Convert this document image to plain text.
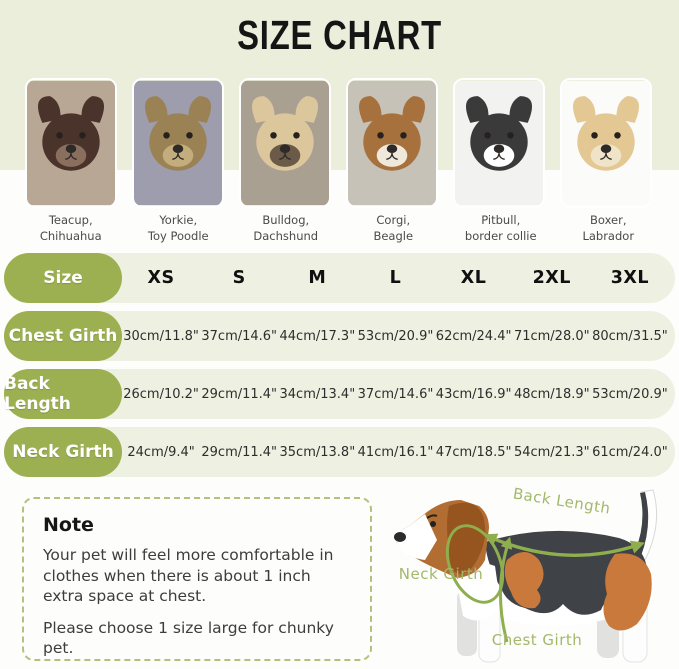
SIZE CHART
Teacup,
Chihuahua
Yorkie,
Toy Poodle
Bulldog,
Dachshund
Corgi,
Beagle
Pitbull,
border collie
Boxer,
Labrador
Size	XS	S	M	L	XL	2XL	3XL
Chest Girth 30cm/11.8" 37cm/14.6" 44cm/17.3" 53cm/20.9" 62cm/24.4" 71cm/28.0" 80cm/31.5"
Back Length	26cm/10.2" 29cm/11.4" 34cm/13.4" 37cm/14.6" 43cm/16.9" 48cm/18.9" 53cm/20.9"
Neck Girth	24cm/9.4" 29cm/11.4" 35cm/13.8" 41cm/16.1" 47cm/18.5" 54cm/21.3" 61cm/24.0"
Note

Your pet will feel more comfortable in clothes when there is about 1 inch extra space at chest.

Please choose 1 size large for chunky pet.

Back Length
Neck Girth
Chest Girth
